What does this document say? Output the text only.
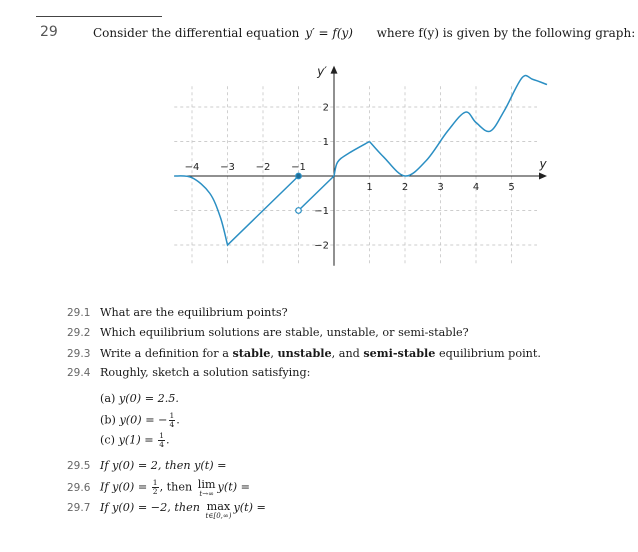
29	Consider the differential equation y′ = f(y) where f(y) is given by the following graph:
−4 −3 −2 −1
1	2	3	4	5
2
1
−1
−2
y
y′
29.1 What are the equilibrium points?
29.2 Which equilibrium solutions are stable, unstable, or semi-stable?
29.3 Write a definition for a stable, unstable, and semi-stable equilibrium point.
29.4 Roughly, sketch a solution satisfying:
(a) y(0) = 2.5.
(b) y(0) = − $\frac{1}{4}$ .
(c) $y(1) = \frac{1}{4}$ .
29.5 If y(0) = 2, then y(t) =
29.6 If $y(0) = \frac{1}{2}$ , then lim
t→∞
y(t) =
29.7 If y(0) = −2, then max
t∈[0,∞)
y(t) =
